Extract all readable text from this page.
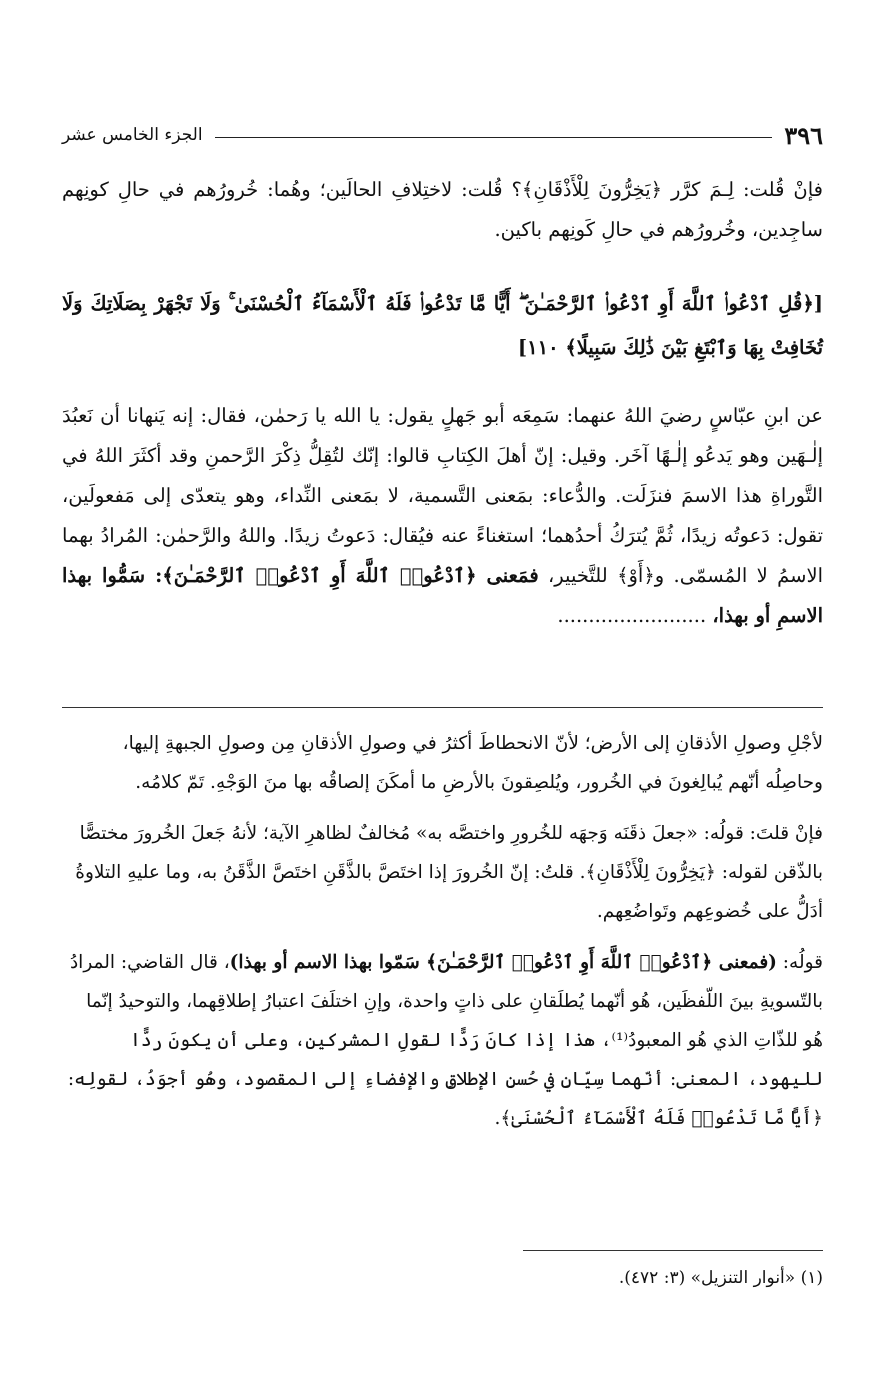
٣٩٦
الجزء الخامس عشر

فإنْ قُلت: لِـمَ كرَّر ﴿يَخِرُّونَ لِلْأَذْقَانِ﴾؟ قُلت: لاختِلافِ الحالَين؛ وهُما: خُرورُهم في حالِ كونِهم ساجِدين، وخُرورُهم في حالِ كَونِهم باكين.

[﴿قُلِ ٱدْعُوا۟ ٱللَّهَ أَوِ ٱدْعُوا۟ ٱلرَّحْمَـٰنَ ۖ أَيًّا مَّا تَدْعُوا۟ فَلَهُ ٱلْأَسْمَآءُ ٱلْحُسْنَىٰ ۚ وَلَا تَجْهَرْ بِصَلَاتِكَ وَلَا تُخَافِتْ بِهَا وَٱبْتَغِ بَيْنَ ذَٰلِكَ سَبِيلًا﴾ ١١٠]

عن ابنِ عبّاسٍ رضيَ اللهُ عنهما: سَمِعَه أبو جَهلٍ يقول: يا الله يا رَحمٰن، فقال: إنه يَنهانا أن نَعبُدَ إلٰـهَين وهو يَدعُو إلٰـهًا آخَر. وقيل: إنّ أهلَ الكِتابِ قالوا: إنّك لتُقِلُّ ذِكْرَ الرَّحمنِ وقد أكثَرَ اللهُ في التَّوراةِ هذا الاسمَ فنزَلَت. والدُّعاء: بمَعنى التَّسمية، لا بمَعنى النِّداء، وهو يتعدّى إلى مَفعولَين، تقول: دَعوتُه زيدًا، ثُمَّ يُترَكُ أحدُهما؛ استغناءً عنه فيُقال: دَعوتُ زيدًا. واللهُ والرَّحمٰن: المُرادُ بهما الاسمُ لا المُسمّى. و﴿أَوْ﴾ للتَّخيير، فمَعنى ﴿ٱدْعُوا۟ ٱللَّهَ أَوِ ٱدْعُوا۟ ٱلرَّحْمَـٰنَ﴾: سَمُّوا بهذا الاسمِ أو بهذا، ........................

لأجْلِ وصولِ الأذقانِ إلى الأرض؛ لأنّ الانحطاطَ أكثرُ في وصولِ الأذقانِ مِن وصولِ الجبهةِ إليها، وحاصِلُه أنّهم يُبالِغونَ في الخُرور، ويُلصِقونَ بالأرضِ ما أمكَنَ إلصاقُه بها منَ الوَجْهِ. تَمّ كلامُه.

فإنْ قلتَ: قولُه: «جعلَ ذقَنَه وَجهَه للخُرورِ واختصَّه به» مُخالفٌ لظاهرِ الآية؛ لأنهُ جَعلَ الخُرورَ مختصًّا بالذّقن لقوله: ﴿يَخِرُّونَ لِلْأَذْقَانِ﴾. قلتُ: إنّ الخُرورَ إذا اختَصَّ بالذَّقَنِ اختَصَّ الذَّقَنُ به، وما عليهِ التلاوةُ أدَلُّ على خُضوعِهم وتَواضُعِهم.

قولُه: (فمعنى ﴿ٱدْعُوا۟ ٱللَّهَ أَوِ ٱدْعُوا۟ ٱلرَّحْمَـٰنَ﴾ سَمّوا بهذا الاسم أو بهذا)، قال القاضي: المرادُ بالتّسويةِ بينَ اللّفظَين، هُو أنّهما يُطلَقانِ على ذاتٍ واحدة، وإنِ اختلَفَ اعتبارُ إطلاقِهما، والتوحيدُ إنّما هُو للذّاتِ الذي هُو المعبودُ⁽¹⁾، هذا إذا كانَ رَدًّا لقولِ المشركين، وعلى أن يكونَ ردًّا لليهود، المعنى: أنّهما سِيّانِ في حُسنِ الإطلاقِ والإفضاءِ إلى المقصود، وهُو أجوَدُ، لقولِه: ﴿أَيًّا مَّا تَدْعُوا۟ فَلَهُ ٱلْأَسْمَآءُ ٱلْحُسْنَىٰ﴾.

(١) «أنوار التنزيل» (٣: ٤٧٢).
